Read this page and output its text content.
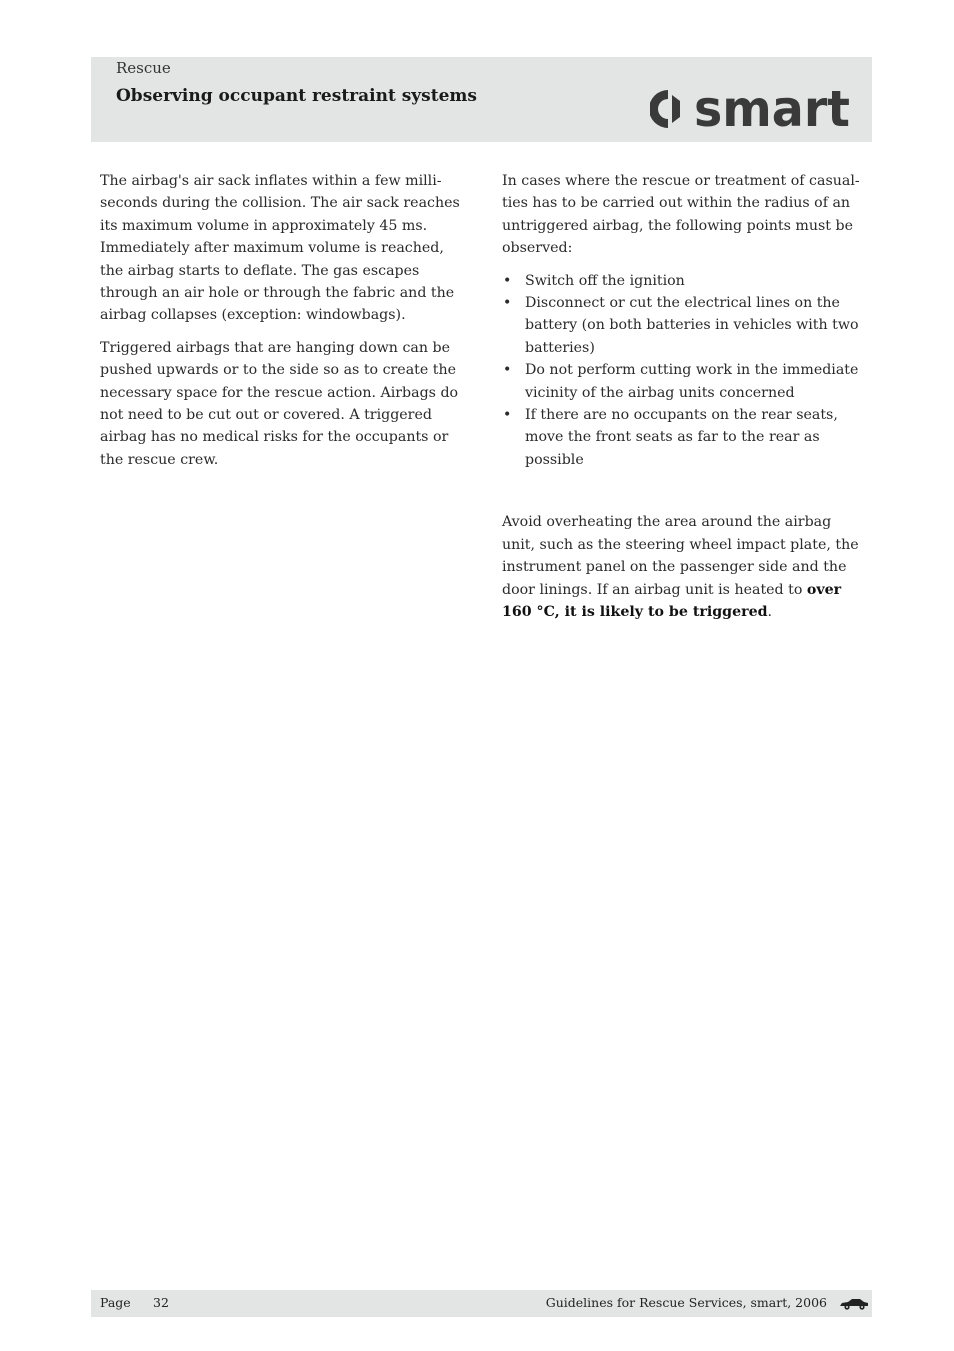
Rescue
Observing occupant restraint systems	smart

The airbag's air sack inflates within a few milli-seconds during the collision. The air sack reaches its maximum volume in approximately 45 ms. Immediately after maximum volume is reached, the airbag starts to deflate. The gas escapes through an air hole or through the fabric and the airbag collapses (exception: windowbags).

Triggered airbags that are hanging down can be pushed upwards or to the side so as to create the necessary space for the rescue action. Airbags do not need to be cut out or covered. A triggered airbag has no medical risks for the occupants or the rescue crew.

In cases where the rescue or treatment of casual-ties has to be carried out within the radius of an untriggered airbag, the following points must be observed:

• Switch off the ignition
• Disconnect or cut the electrical lines on the battery (on both batteries in vehicles with two batteries)
• Do not perform cutting work in the immediate vicinity of the airbag units concerned
• If there are no occupants on the rear seats, move the front seats as far to the rear as possible

Avoid overheating the area around the airbag unit, such as the steering wheel impact plate, the instrument panel on the passenger side and the door linings. If an airbag unit is heated to over 160 °C, it is likely to be triggered.

Page 32	Guidelines for Rescue Services, smart, 2006
